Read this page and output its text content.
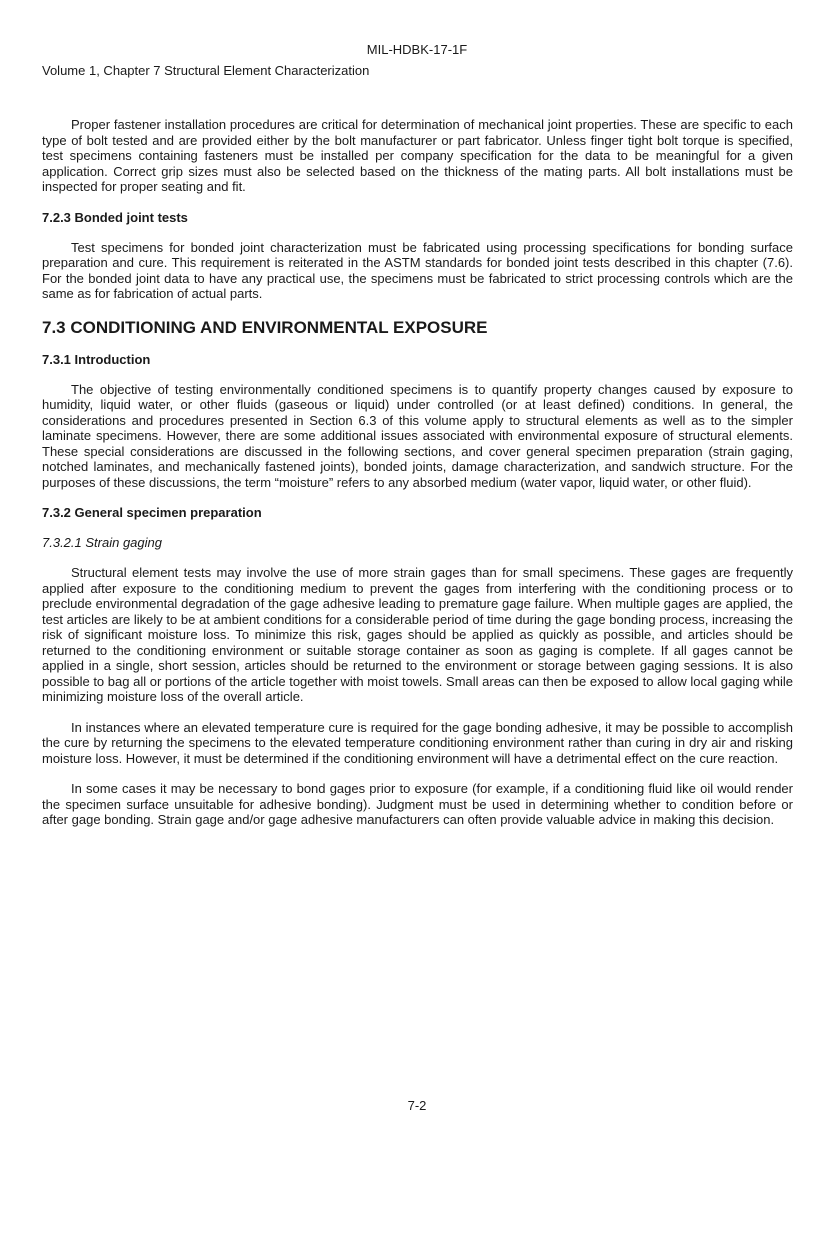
MIL-HDBK-17-1F
Volume 1, Chapter 7 Structural Element Characterization

Proper fastener installation procedures are critical for determination of mechanical joint properties. These are specific to each type of bolt tested and are provided either by the bolt manufacturer or part fabricator. Unless finger tight bolt torque is specified, test specimens containing fasteners must be installed per company specification for the data to be meaningful for a given application. Correct grip sizes must also be selected based on the thickness of the mating parts. All bolt installations must be inspected for proper seating and fit.

7.2.3 Bonded joint tests

Test specimens for bonded joint characterization must be fabricated using processing specifications for bonding surface preparation and cure. This requirement is reiterated in the ASTM standards for bonded joint tests described in this chapter (7.6). For the bonded joint data to have any practical use, the specimens must be fabricated to strict processing controls which are the same as for fabrication of actual parts.

7.3 CONDITIONING AND ENVIRONMENTAL EXPOSURE
7.3.1 Introduction

The objective of testing environmentally conditioned specimens is to quantify property changes caused by exposure to humidity, liquid water, or other fluids (gaseous or liquid) under controlled (or at least defined) conditions. In general, the considerations and procedures presented in Section 6.3 of this volume apply to structural elements as well as to the simpler laminate specimens. However, there are some additional issues associated with environmental exposure of structural elements. These special considerations are discussed in the following sections, and cover general specimen preparation (strain gaging, notched laminates, and mechanically fastened joints), bonded joints, damage characterization, and sandwich structure. For the purposes of these discussions, the term “moisture” refers to any absorbed medium (water vapor, liquid water, or other fluid).

7.3.2 General specimen preparation
7.3.2.1 Strain gaging

Structural element tests may involve the use of more strain gages than for small specimens. These gages are frequently applied after exposure to the conditioning medium to prevent the gages from interfering with the conditioning process or to preclude environmental degradation of the gage adhesive leading to premature gage failure. When multiple gages are applied, the test articles are likely to be at ambient conditions for a considerable period of time during the gage bonding process, increasing the risk of significant moisture loss. To minimize this risk, gages should be applied as quickly as possible, and articles should be returned to the conditioning environment or suitable storage container as soon as gaging is complete. If all gages cannot be applied in a single, short session, articles should be returned to the environment or storage between gaging sessions. It is also possible to bag all or portions of the article together with moist towels. Small areas can then be exposed to allow local gaging while minimizing moisture loss of the overall article.

In instances where an elevated temperature cure is required for the gage bonding adhesive, it may be possible to accomplish the cure by returning the specimens to the elevated temperature conditioning environment rather than curing in dry air and risking moisture loss. However, it must be determined if the conditioning environment will have a detrimental effect on the cure reaction.

In some cases it may be necessary to bond gages prior to exposure (for example, if a conditioning fluid like oil would render the specimen surface unsuitable for adhesive bonding). Judgment must be used in determining whether to condition before or after gage bonding. Strain gage and/or gage adhesive manufacturers can often provide valuable advice in making this decision.

7-2
